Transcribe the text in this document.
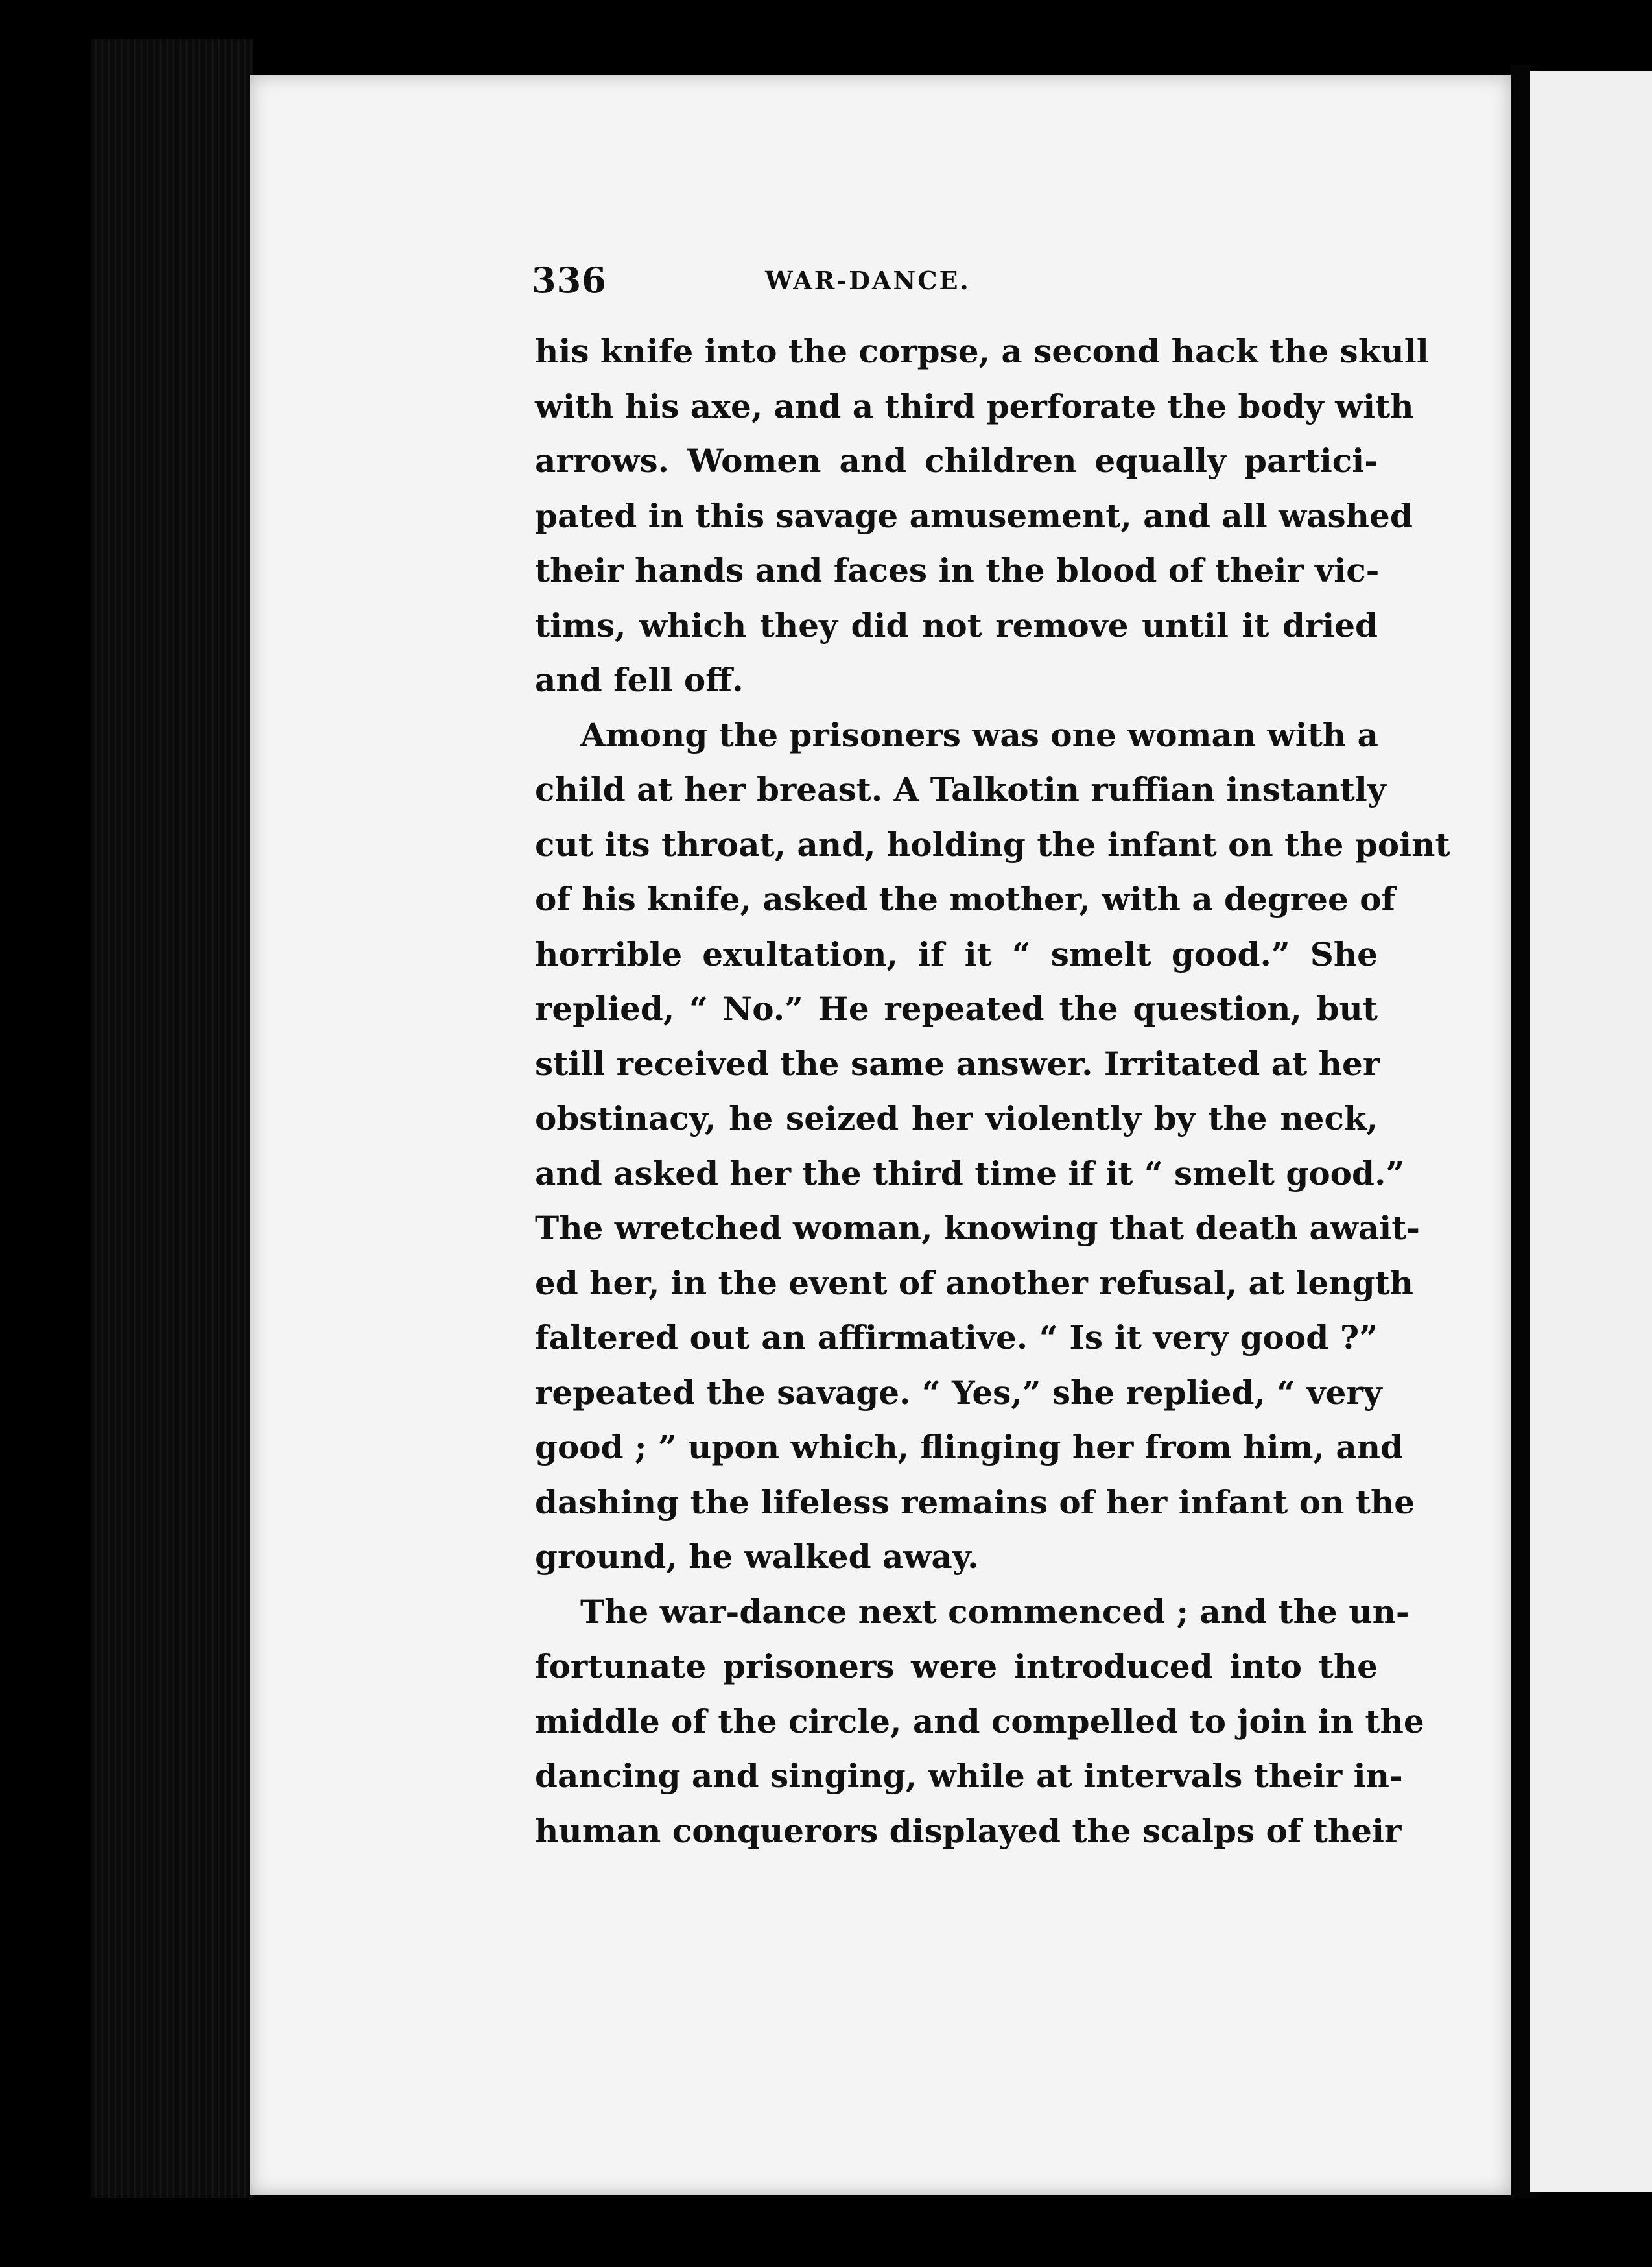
336	WAR-DANCE.
his knife into the corpse, a second hack the skull
with his axe, and a third perforate the body with
arrows. Women and children equally partici-
pated in this savage amusement, and all washed
their hands and faces in the blood of their vic-
tims, which they did not remove until it dried
and fell off.
Among the prisoners was one woman with a
child at her breast. A Talkotin ruffian instantly
cut its throat, and, holding the infant on the point
of his knife, asked the mother, with a degree of
horrible exultation, if it “ smelt good.” She
replied, “ No.” He repeated the question, but
still received the same answer. Irritated at her
obstinacy, he seized her violently by the neck,
and asked her the third time if it “ smelt good.”
The wretched woman, knowing that death await-
ed her, in the event of another refusal, at length
faltered out an affirmative. “ Is it very good ?”
repeated the savage. “ Yes,” she replied, “ very
good ; ” upon which, flinging her from him, and
dashing the lifeless remains of her infant on the
ground, he walked away.
The war-dance next commenced ; and the un-
fortunate prisoners were introduced into the
middle of the circle, and compelled to join in the
dancing and singing, while at intervals their in-
human conquerors displayed the scalps of their
